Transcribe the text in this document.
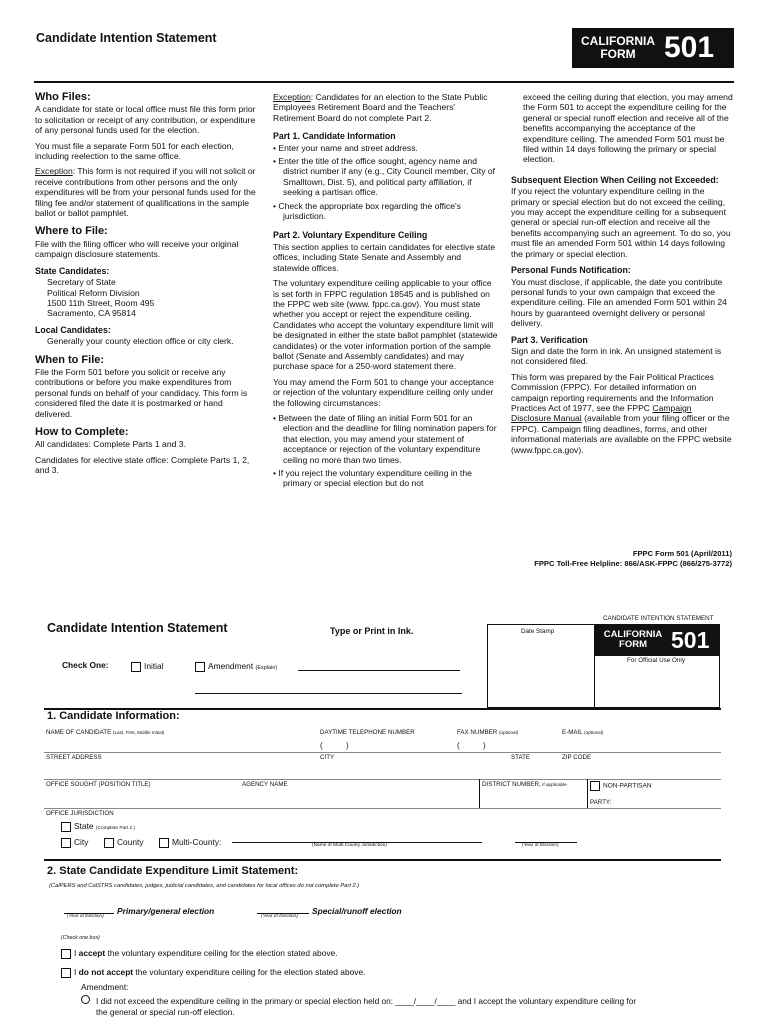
Candidate Intention Statement	CALIFORNIA
FORM 501
Who Files:

A candidate for state or local office must file this form prior to solicitation or receipt of any contribution, or expenditure of any personal funds used for the election.

You must file a separate Form 501 for each election, including reelection to the same office.

Exception: This form is not required if you will not solicit or receive contributions from other persons and the only expenditures will be from your personal funds used for the filing fee and/or statement of qualifications in the sample ballot or ballot pamphlet.

Where to File:

File with the filing officer who will receive your original campaign disclosure statements.

State Candidates:
Secretary of State
Political Reform Division
1500 11th Street, Room 495
Sacramento, CA 95814
Local Candidates:

Generally your county election office or city clerk.

When to File:

File the Form 501 before you solicit or receive any contributions or before you make expenditures from personal funds on behalf of your candidacy. This form is considered filed the date it is postmarked or hand delivered.

How to Complete:

All candidates: Complete Parts 1 and 3.

Candidates for elective state office: Complete Parts 1, 2, and 3.

Exception: Candidates for an election to the State Public Employees Retirement Board and the Teachers' Retirement Board do not complete Part 2.

Part 1. Candidate Information
• Enter your name and street address.
• Enter the title of the office sought, agency name and district number if any (e.g., City Council member, City of Smalltown, Dist. 5), and political party affiliation, if seeking a partisan office.
• Check the appropriate box regarding the office's jurisdiction.
Part 2. Voluntary Expenditure Ceiling

This section applies to certain candidates for elective state offices, including State Senate and Assembly and statewide offices.

The voluntary expenditure ceiling applicable to your office is set forth in FPPC regulation 18545 and is published on the FPPC web site (www. fppc.ca.gov). You must state whether you accept or reject the expenditure ceiling. Candidates who accept the voluntary expenditure limit will be designated in either the state ballot pamphlet (statewide candidates) or the voter information portion of the sample ballot (Senate and Assembly candidates) and may purchase space for a 250-word statement there.

You may amend the Form 501 to change your acceptance or rejection of the voluntary expenditure ceiling only under the following circumstances:

• Between the date of filing an initial Form 501 for an election and the deadline for filing nomination papers for that election, you may amend your statement of acceptance or rejection of the voluntary expenditure ceiling no more than two times.
• If you reject the voluntary expenditure ceiling in the primary or special election but do not

exceed the ceiling during that election, you may amend the Form 501 to accept the expenditure ceiling for the general or special runoff election and receive all of the benefits accompanying the acceptance of the expenditure ceiling. The amended Form 501 must be filed within 14 days following the primary or special election.

Subsequent Election When Ceiling not Exceeded:

If you reject the voluntary expenditure ceiling in the primary or special election but do not exceed the ceiling, you may accept the expenditure ceiling for a subsequent general or special run-off election and receive all the benefits accompanying such an agreement. To do so, you must file an amended Form 501 within 14 days following the primary or special election.

Personal Funds Notification:

You must disclose, if applicable, the date you contribute personal funds to your own campaign that exceed the expenditure ceiling. File an amended Form 501 within 24 hours by guaranteed overnight delivery or personal delivery.

Part 3. Verification

Sign and date the form in ink. An unsigned statement is not considered filed.

This form was prepared by the Fair Political Practices Commission (FPPC). For detailed information on campaign reporting requirements and the Information Practices Act of 1977, see the FPPC Campaign Disclosure Manual (available from your filing officer or the FPPC). Campaign filing deadlines, forms, and other informational materials are available on the FPPC website (www.fppc.ca.gov).

FPPC Form 501 (April/2011)
FPPC Toll-Free Helpline: 866/ASK-FPPC (866/275-3772)
CANDIDATE INTENTION STATEMENT
Candidate Intention Statement	Type or Print in Ink.	Date Stamp	CALIFORNIA
FORM	501
For Official Use Only
Check One:	Initial	Amendment (Explain)
1. Candidate Information:
NAME OF CANDIDATE (Last, First, Middle Initial)	DAYTIME TELEPHONE NUMBER	FAX NUMBER (optional)	E-MAIL (optional)
(	)	(	)
STREET ADDRESS	CITY	STATE	ZIP CODE
OFFICE SOUGHT (POSITION TITLE)	AGENCY NAME	DISTRICT NUMBER, if applicable	NON-PARTISAN
PARTY:
OFFICE JURISDICTION
State (Complete Part 2.)
City	County	Multi-County:	(Name of Multi-County Jurisdiction)	(Year of Election)
2. State Candidate Expenditure Limit Statement:
(CalPERS and CalSTRS candidates, judges, judicial candidates, and candidates for local offices do not complete Part 2.)
Primary/general election
(Year of Election)
Special/runoff election
(Year of Election)
(Check one box)
I accept the voluntary expenditure ceiling for the election stated above.
I do not accept the voluntary expenditure ceiling for the election stated above.
Amendment:
I did not exceed the expenditure ceiling in the primary or special election held on: ____/____/____ and I accept the voluntary expenditure ceiling for
the general or special run-off election.
